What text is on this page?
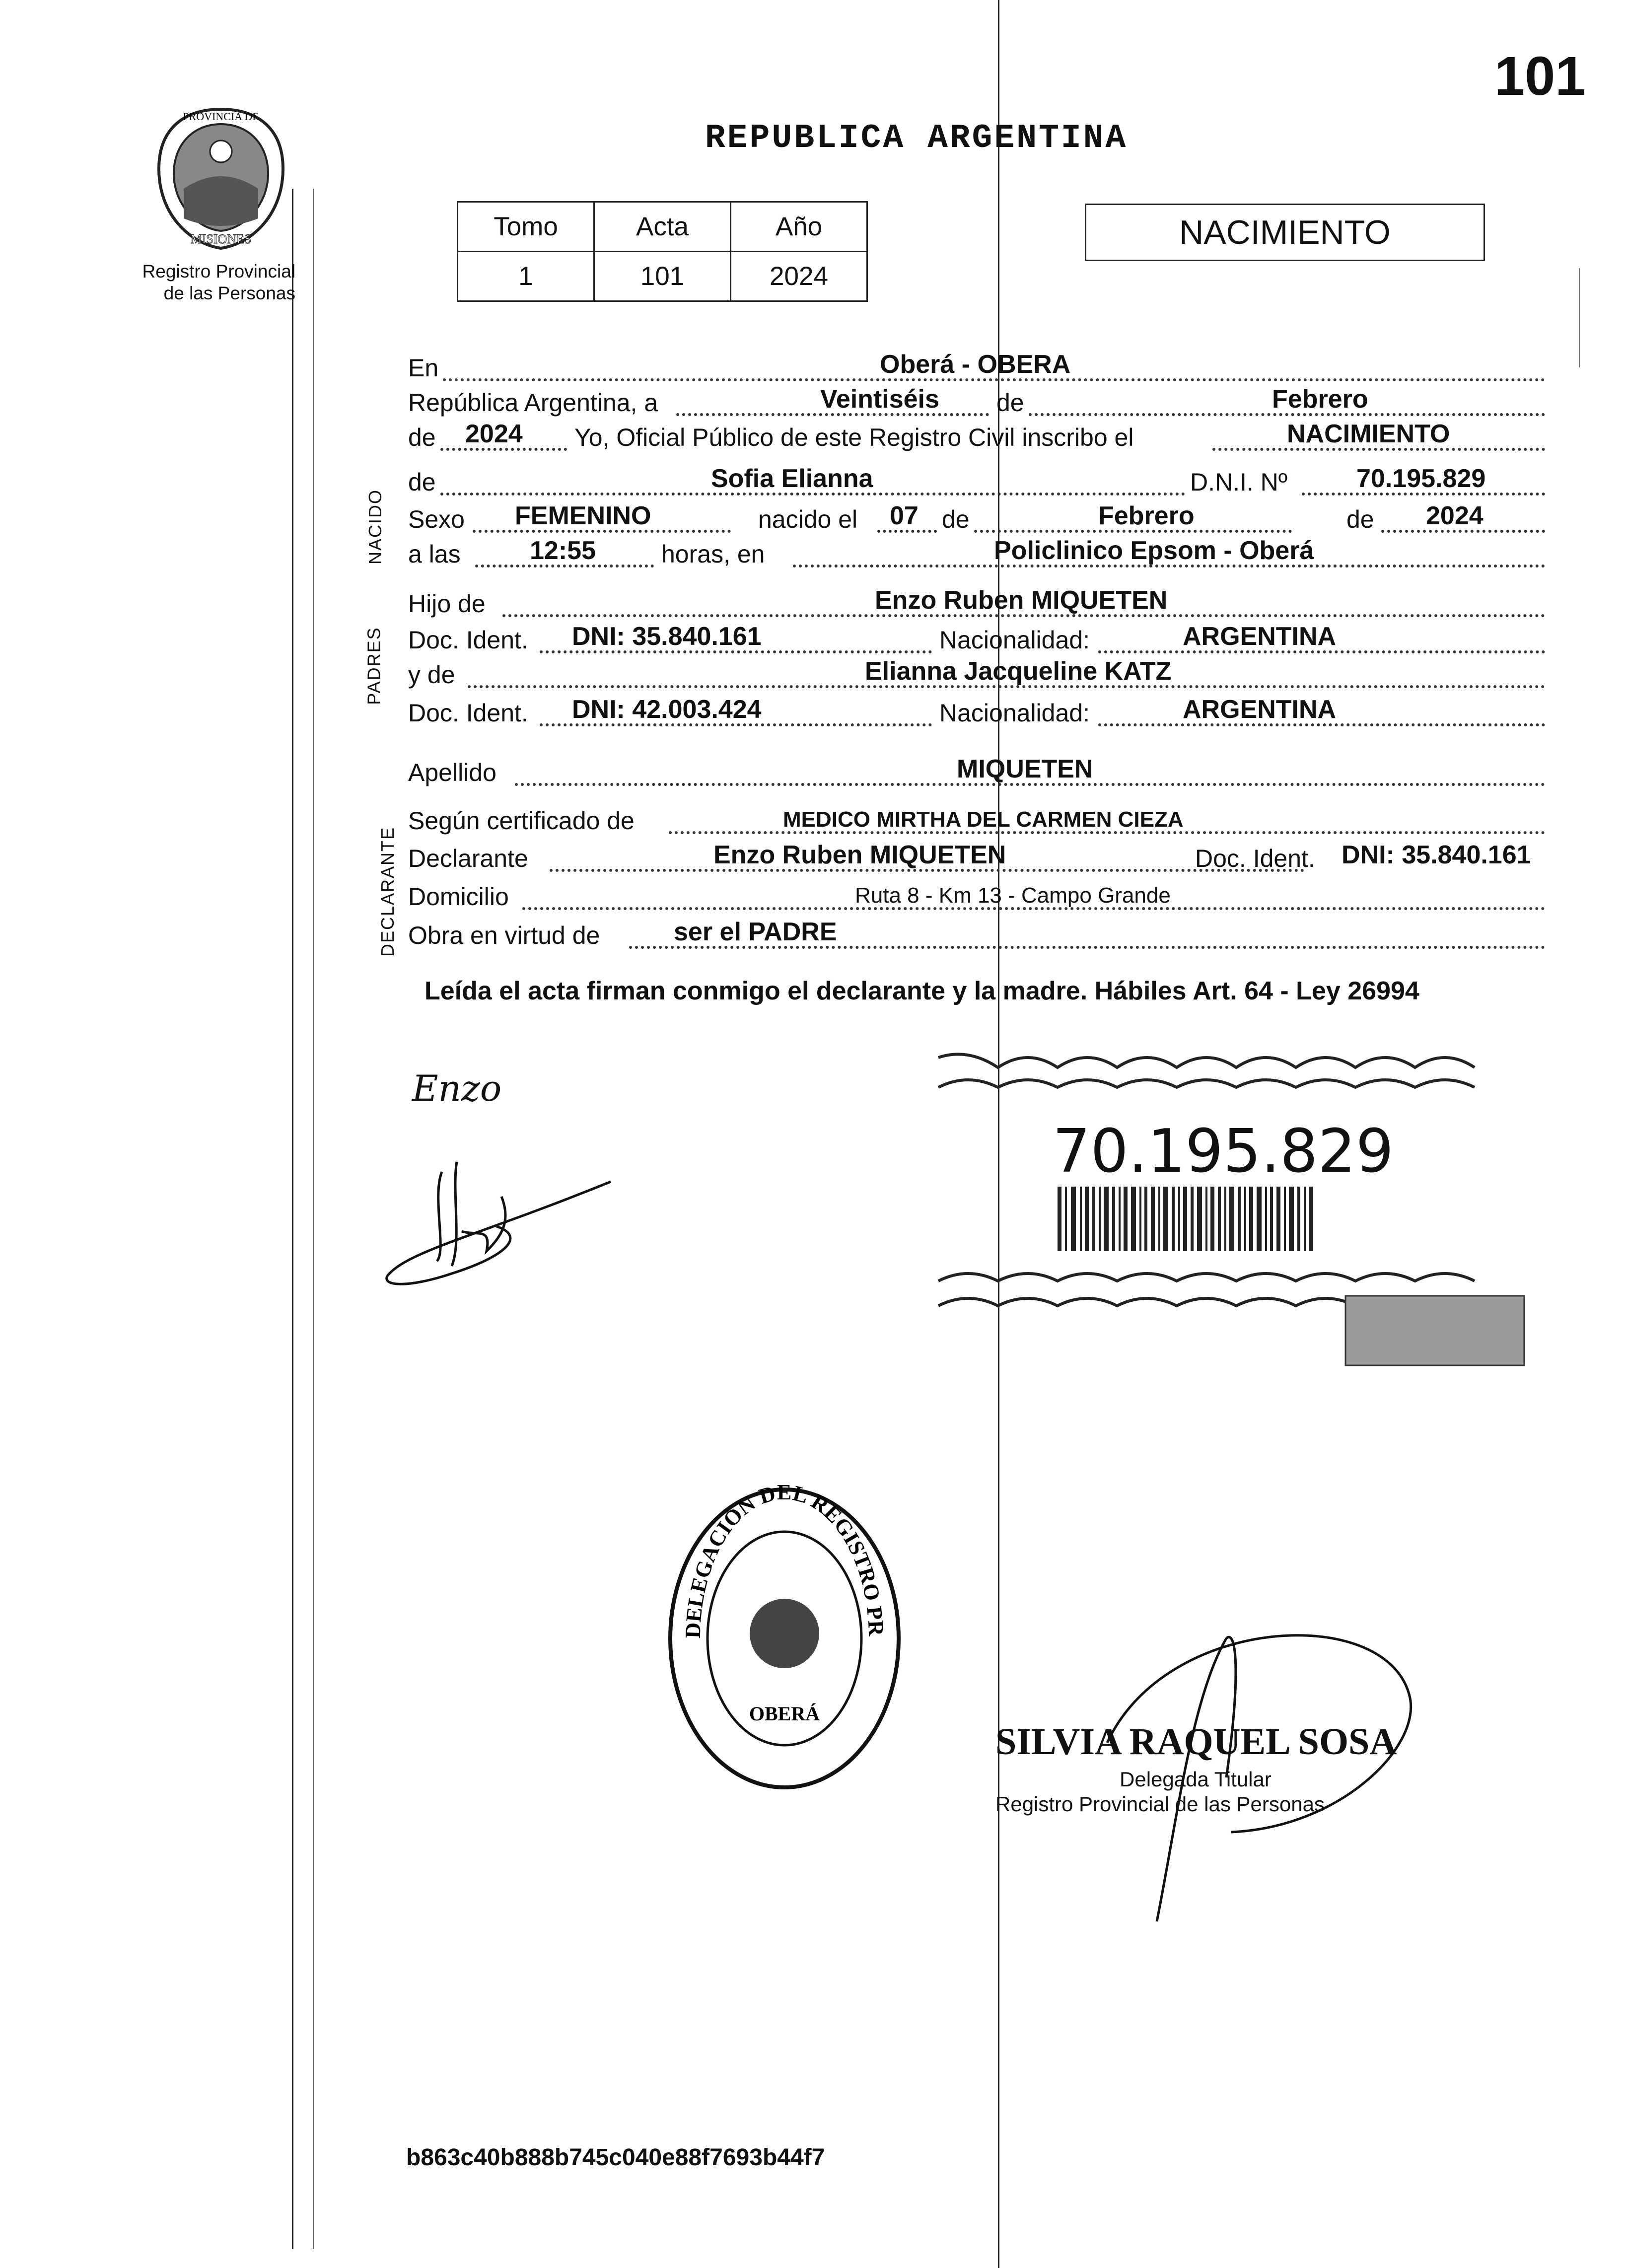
101
PROVINCIA DE
MISIONES
Registro Provincial
de las Personas
REPUBLICA ARGENTINA
Tomo	Acta	Año
1	101	2024
NACIMIENTO
NACIDO
PADRES
DECLARANTE
En	Oberá - OBERA
República Argentina, a	Veintiséis de	Febrero
de 2024 Yo, Oficial Público de este Registro Civil inscribo el	NACIMIENTO
de	Sofia Elianna	D.N.I. Nº	70.195.829
Sexo FEMENINO	nacido el 07 de	Febrero	de 2024
a las	12:55	horas, en	Policlinico Epsom - Oberá
Hijo de	Enzo Ruben MIQUETEN
Doc. Ident. DNI: 35.840.161	Nacionalidad:	ARGENTINA
y de	Elianna Jacqueline KATZ
Doc. Ident. DNI: 42.003.424	Nacionalidad:	ARGENTINA
Apellido	MIQUETEN
Según certificado de	MEDICO MIRTHA DEL CARMEN CIEZA
Declarante	Enzo Ruben MIQUETEN	Doc. Ident. DNI: 35.840.161
Domicilio	Ruta 8 - Km 13 - Campo Grande
Obra en virtud de	ser el PADRE
Leída el acta firman conmigo el declarante y la madre. Hábiles Art. 64 - Ley 26994
Enzo
70.195.829
DELEGACION DEL REGISTRO PR
OBERÁ
SILVIA RAQUEL SOSA
Delegada Titular
Registro Provincial de las Personas
b863c40b888b745c040e88f7693b44f7
